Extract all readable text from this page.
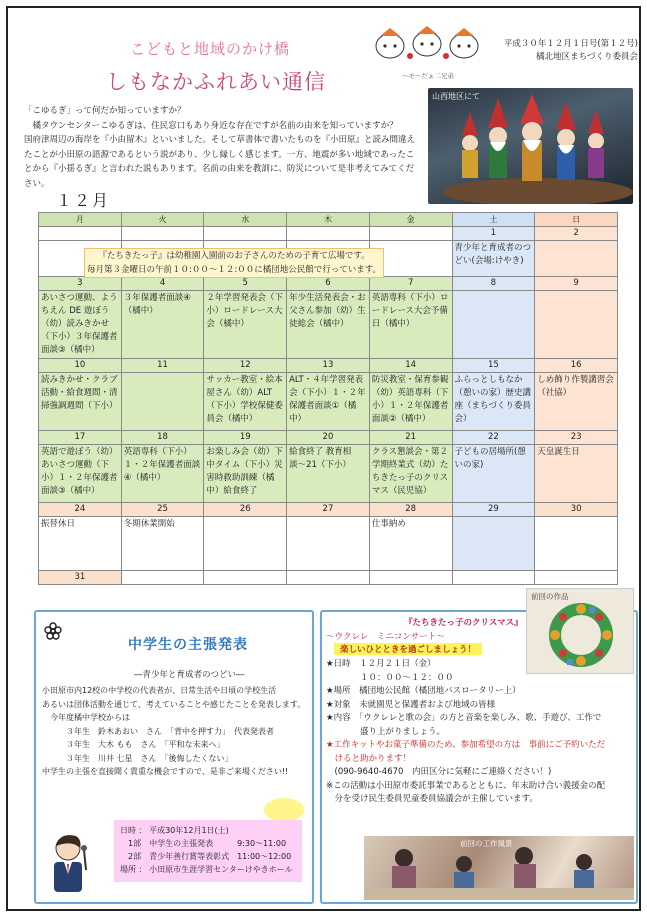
〜モ〜だぁ二兄弟
こどもと地域のかけ橋
しもなかふれあい通信
平成３０年１２月１日号(第１２号)
橘北地区まちづくり委員会

「こゆるぎ」って何だか知っていますか？

　橘タウンセンターこゆるぎは、住民窓口もあり身近な存在ですが名前の由来を知っていますか？

国府津周辺の海岸を『小由留木』といいました。そして草書体で書いたものを『小田原』と読み間違え

たことが小田原の語源であるという説があり、少し縁しく感じます。一方、地震が多い地域であったこ

とから『小揺るぎ』と言われた説もあります。名前の由来を教訓に、防災について是非考えてみてくだ

さい。

山西地区にて
１２月
月	火	水	木	金	土	日
					1	2
					青少年と育成者のつどい(会場:けやき)	
3	4	5	6	7	8	9
あいさつ運動、ようちえん DE 遊ぼう（幼）読みきかせ（下小）３年保護者面談③（橘中）	３年保護者面談④（橘中）	２年学習発表会（下小）ロードレース大会（橘中）	年少生活発表会・お父さん参加（幼）生徒総会（橘中）	英語専科（下小）ロードレース大会予備日（橘中）		
10	11	12	13	14	15	16
読みきかせ・クラブ活動・給食週間・清掃強調週間（下小）		サッカー教室・絵本屋さん（幼）ALT（下小）学校保健委員会（橘中）	ALT・４年学習発表会（下小）１・２年保護者面談①（橘中）	防災教室・保育参観（幼）英語専科（下小）１・２年保護者面談②（橘中）	ふらっとしもなか（憩いの家）歴史講座（まちづくり委員会）	しめ飾り作製講習会（社協）
17	18	19	20	21	22	23
英語で遊ぼう（幼）あいさつ運動（下小）１・２年保護者面談③（橘中）	英語専科（下小）１・２年保護者面談④（橘中）	お楽しみ会（幼）下中タイム（下小）災害時救助訓練（橘中）給食終了	給食終了 教育相談〜21（下小）	クラス懇談会・第２学期終業式（幼）たちきたっ子のクリスマス（民児協）	子どもの居場所(憩いの家)	天皇誕生日
24	25	26	27	28	29	30
振替休日	冬期休業開始			仕事納め		
31						
『たちきたっ子』は幼稚園入園前のお子さんのための子育て広場です。
毎月第３金曜日の午前１０:００〜１２:００に橘団地公民館で行っています。
中学生の主張発表
―青少年と育成者のつどい―
小田原市内12校の中学校の代表者が、日常生活や日頃の学校生活
あるいは団体活動を通じて、考えていることや感じたことを発表します。
　今年度橘中学校からは
　　　３年生　鈴木あおい　さん　「背中を押す力」　代表発表者
　　　３年生　大木 もも　さん　「平和な未来へ」
　　　３年生　川井 七星　さん　「後悔したくない」
中学生の主張を直接聞く貴重な機会ですので、是非ご来場ください!!
日時 ： 平成30年12月1日(土)
　1部　中学生の主張発表　　　9:30〜11:00
　2部　青少年善行賞等表彰式　11:00〜12:00
場所 ： 小田原市生涯学習センターけやきホール
『たちきたっ子のクリスマス』
〜ウクレレ　ミニコンサート〜
楽しいひとときを過ごしましょう！
★日時　１２月２１日（金）
　　　　１０：００〜１２：００
★場所　橘団地公民館（橘団地バスロータリー上）
★対象　未就園児と保護者および地域の皆様
★内容　「ウクレレと歌の会」の方と音楽を楽しみ、歌、手遊び、工作で
　　　　盛り上がりましょう。
★工作キットやお菓子準備のため、参加希望の方は　事前にご予約いただ
　けると助かります！
　(090-9640-4670　内田区分に気軽にご連絡ください！)
※この活動は小田原市委託事業であるとともに、年末助け合い義援金の配
　分を受け民生委員児童委員協議会が主催しています。
前回の作品
前回の工作風景
